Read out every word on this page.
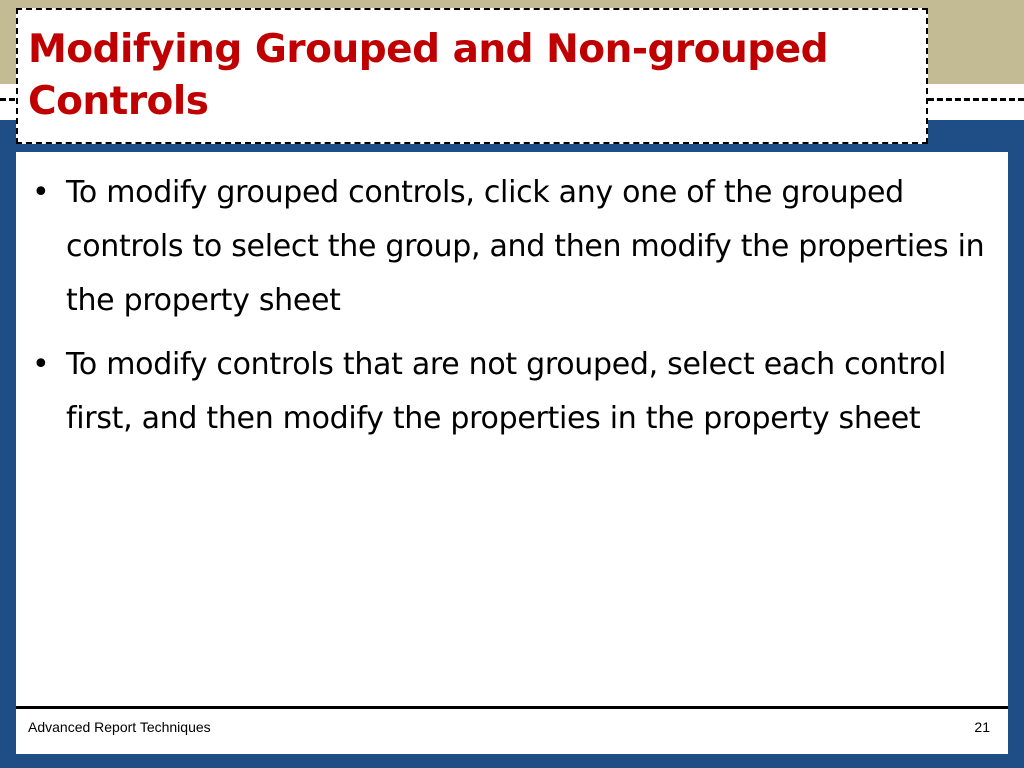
Modifying Grouped and Non-grouped Controls
• To modify grouped controls, click any one of the grouped controls to select the group, and then modify the properties in the property sheet
• To modify controls that are not grouped, select each control first, and then modify the properties in the property sheet
Advanced Report Techniques	21
